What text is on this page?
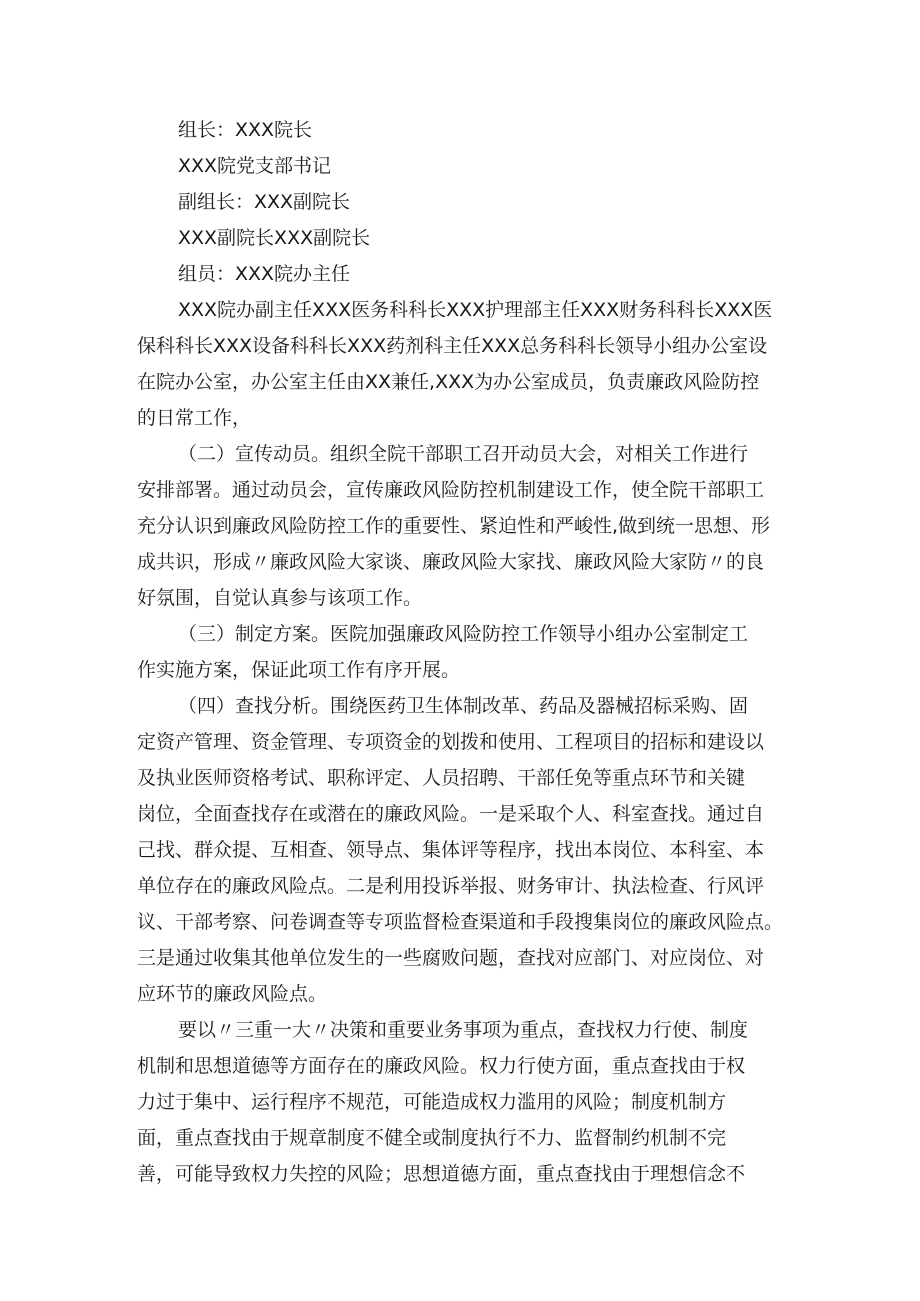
组长：XXX院长
XXX院党支部书记
副组长：XXX副院长
XXX副院长XXX副院长
组员：XXX院办主任
XXX院办副主任XXX医务科科长XXX护理部主任XXX财务科科长XXX医
保科科长XXX设备科科长XXX药剂科主任XXX总务科科长领导小组办公室设
在院办公室，办公室主任由XX兼任,XXX为办公室成员，负责廉政风险防控
的日常工作，
（二）宣传动员。组织全院干部职工召开动员大会，对相关工作进行
安排部署。通过动员会，宣传廉政风险防控机制建设工作，使全院干部职工
充分认识到廉政风险防控工作的重要性、紧迫性和严峻性,做到统一思想、形
成共识，形成〃廉政风险大家谈、廉政风险大家找、廉政风险大家防〃的良
好氛围，自觉认真参与该项工作。
（三）制定方案。医院加强廉政风险防控工作领导小组办公室制定工
作实施方案，保证此项工作有序开展。
（四）查找分析。围绕医药卫生体制改革、药品及器械招标采购、固
定资产管理、资金管理、专项资金的划拨和使用、工程项目的招标和建设以
及执业医师资格考试、职称评定、人员招聘、干部任免等重点环节和关键
岗位，全面查找存在或潜在的廉政风险。一是采取个人、科室查找。通过自
己找、群众提、互相查、领导点、集体评等程序，找出本岗位、本科室、本
单位存在的廉政风险点。二是利用投诉举报、财务审计、执法检查、行风评
议、干部考察、问卷调查等专项监督检查渠道和手段搜集岗位的廉政风险点。
三是通过收集其他单位发生的一些腐败问题，查找对应部门、对应岗位、对
应环节的廉政风险点。
要以〃三重一大〃决策和重要业务事项为重点，查找权力行使、制度
机制和思想道德等方面存在的廉政风险。权力行使方面，重点查找由于权
力过于集中、运行程序不规范，可能造成权力滥用的风险；制度机制方
面，重点查找由于规章制度不健全或制度执行不力、监督制约机制不完
善，可能导致权力失控的风险；思想道德方面，重点查找由于理想信念不
